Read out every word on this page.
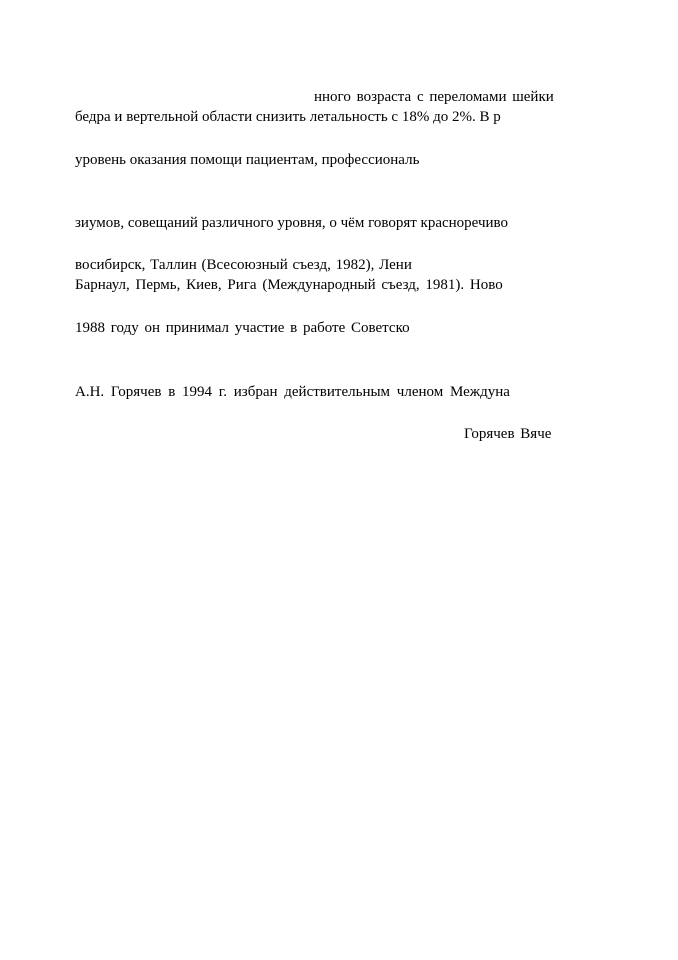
нного возраста с переломами шейки
бедра и вертельной области снизить летальность с 18% до 2%. В р
уровень оказания помощи пациентам, профессиональ
зиумов, совещаний различного уровня, о чём говорят красноречиво
восибирск, Таллин (Всесоюзный съезд, 1982), Лени
Барнаул, Пермь, Киев, Рига (Международный съезд, 1981). Ново
1988 году он принимал участие в работе Советско
А.Н. Горячев в 1994 г. избран действительным членом Междуна
Горячев Вяче
